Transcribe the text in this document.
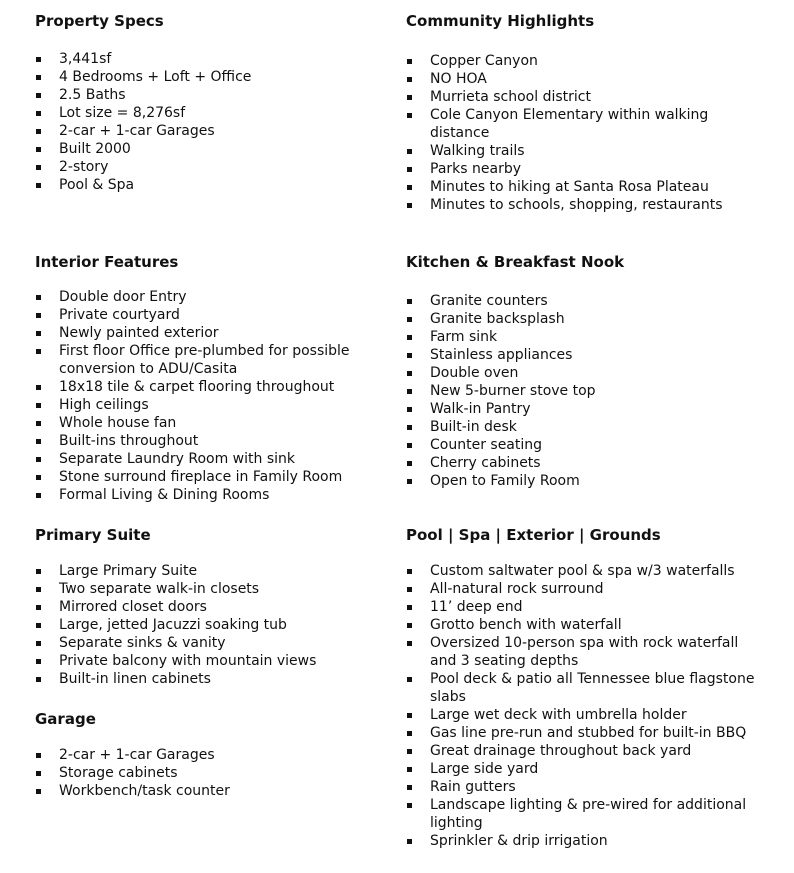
Property Specs
3,441sf
4 Bedrooms + Loft + Office
2.5 Baths
Lot size = 8,276sf
2-car + 1-car Garages
Built 2000
2-story
Pool & Spa
Community Highlights
Copper Canyon
NO HOA
Murrieta school district
Cole Canyon Elementary within walking distance
Walking trails
Parks nearby
Minutes to hiking at Santa Rosa Plateau
Minutes to schools, shopping, restaurants
Interior Features
Double door Entry
Private courtyard
Newly painted exterior
First floor Office pre-plumbed for possible conversion to ADU/Casita
18x18 tile & carpet flooring throughout
High ceilings
Whole house fan
Built-ins throughout
Separate Laundry Room with sink
Stone surround fireplace in Family Room
Formal Living & Dining Rooms
Kitchen & Breakfast Nook
Granite counters
Granite backsplash
Farm sink
Stainless appliances
Double oven
New 5-burner stove top
Walk-in Pantry
Built-in desk
Counter seating
Cherry cabinets
Open to Family Room
Primary Suite
Large Primary Suite
Two separate walk-in closets
Mirrored closet doors
Large, jetted Jacuzzi soaking tub
Separate sinks & vanity
Private balcony with mountain views
Built-in linen cabinets
Garage
2-car + 1-car Garages
Storage cabinets
Workbench/task counter
Pool | Spa | Exterior | Grounds
Custom saltwater pool & spa w/3 waterfalls
All-natural rock surround
11’ deep end
Grotto bench with waterfall
Oversized 10-person spa with rock waterfall and 3 seating depths
Pool deck & patio all Tennessee blue flagstone slabs
Large wet deck with umbrella holder
Gas line pre-run and stubbed for built-in BBQ
Great drainage throughout back yard
Large side yard
Rain gutters
Landscape lighting & pre-wired for additional lighting
Sprinkler & drip irrigation
